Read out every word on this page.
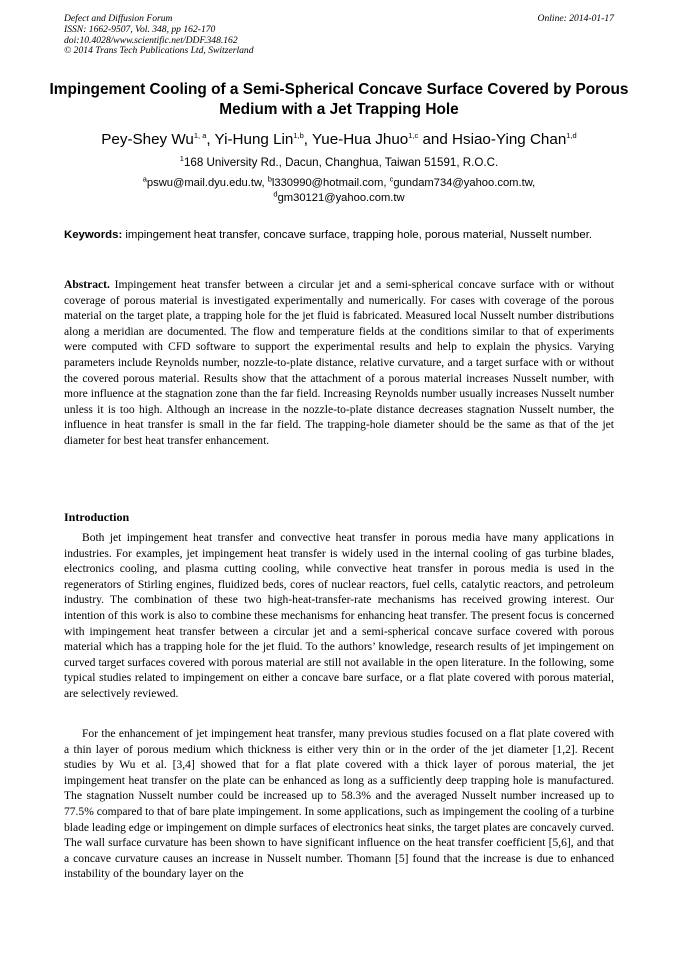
Defect and Diffusion Forum
ISSN: 1662-9507, Vol. 348, pp 162-170
doi:10.4028/www.scientific.net/DDF.348.162
© 2014 Trans Tech Publications Ltd, Switzerland
Online: 2014-01-17
Impingement Cooling of a Semi-Spherical Concave Surface Covered by Porous Medium with a Jet Trapping Hole
Pey-Shey Wu$^{1, a}$, Yi-Hung Lin$^{1,b}$, Yue-Hua Jhuo$^{1,c}$ and Hsiao-Ying Chan$^{1,d}$
$^1$168 University Rd., Dacun, Changhua, Taiwan 51591, R.O.C.
$^a$pswu@mail.dyu.edu.tw, $^b$l330990@hotmail.com, $^c$gundam734@yahoo.com.tw,
$^d$gm30121@yahoo.com.tw
Keywords: impingement heat transfer, concave surface, trapping hole, porous material, Nusselt number.

Abstract. Impingement heat transfer between a circular jet and a semi-spherical concave surface with or without coverage of porous material is investigated experimentally and numerically. For cases with coverage of the porous material on the target plate, a trapping hole for the jet fluid is fabricated. Measured local Nusselt number distributions along a meridian are documented. The flow and temperature fields at the conditions similar to that of experiments were computed with CFD software to support the experimental results and help to explain the physics. Varying parameters include Reynolds number, nozzle-to-plate distance, relative curvature, and a target surface with or without the covered porous material. Results show that the attachment of a porous material increases Nusselt number, with more influence at the stagnation zone than the far field. Increasing Reynolds number usually increases Nusselt number unless it is too high. Although an increase in the nozzle-to-plate distance decreases stagnation Nusselt number, the influence in heat transfer is small in the far field. The trapping-hole diameter should be the same as that of the jet diameter for best heat transfer enhancement.

Introduction

Both jet impingement heat transfer and convective heat transfer in porous media have many applications in industries. For examples, jet impingement heat transfer is widely used in the internal cooling of gas turbine blades, electronics cooling, and plasma cutting cooling, while convective heat transfer in porous media is used in the regenerators of Stirling engines, fluidized beds, cores of nuclear reactors, fuel cells, catalytic reactors, and petroleum industry. The combination of these two high-heat-transfer-rate mechanisms has received growing interest. Our intention of this work is also to combine these mechanisms for enhancing heat transfer. The present focus is concerned with impingement heat transfer between a circular jet and a semi-spherical concave surface covered with porous material which has a trapping hole for the jet fluid. To the authors’ knowledge, research results of jet impingement on curved target surfaces covered with porous material are still not available in the open literature. In the following, some typical studies related to impingement on either a concave bare surface, or a flat plate covered with porous material, are selectively reviewed.

For the enhancement of jet impingement heat transfer, many previous studies focused on a flat plate covered with a thin layer of porous medium which thickness is either very thin or in the order of the jet diameter [1,2]. Recent studies by Wu et al. [3,4] showed that for a flat plate covered with a thick layer of porous material, the jet impingement heat transfer on the plate can be enhanced as long as a sufficiently deep trapping hole is manufactured. The stagnation Nusselt number could be increased up to 58.3% and the averaged Nusselt number increased up to 77.5% compared to that of bare plate impingement. In some applications, such as impingement the cooling of a turbine blade leading edge or impingement on dimple surfaces of electronics heat sinks, the target plates are concavely curved. The wall surface curvature has been shown to have significant influence on the heat transfer coefficient [5,6], and that a concave curvature causes an increase in Nusselt number. Thomann [5] found that the increase is due to enhanced instability of the boundary layer on the
